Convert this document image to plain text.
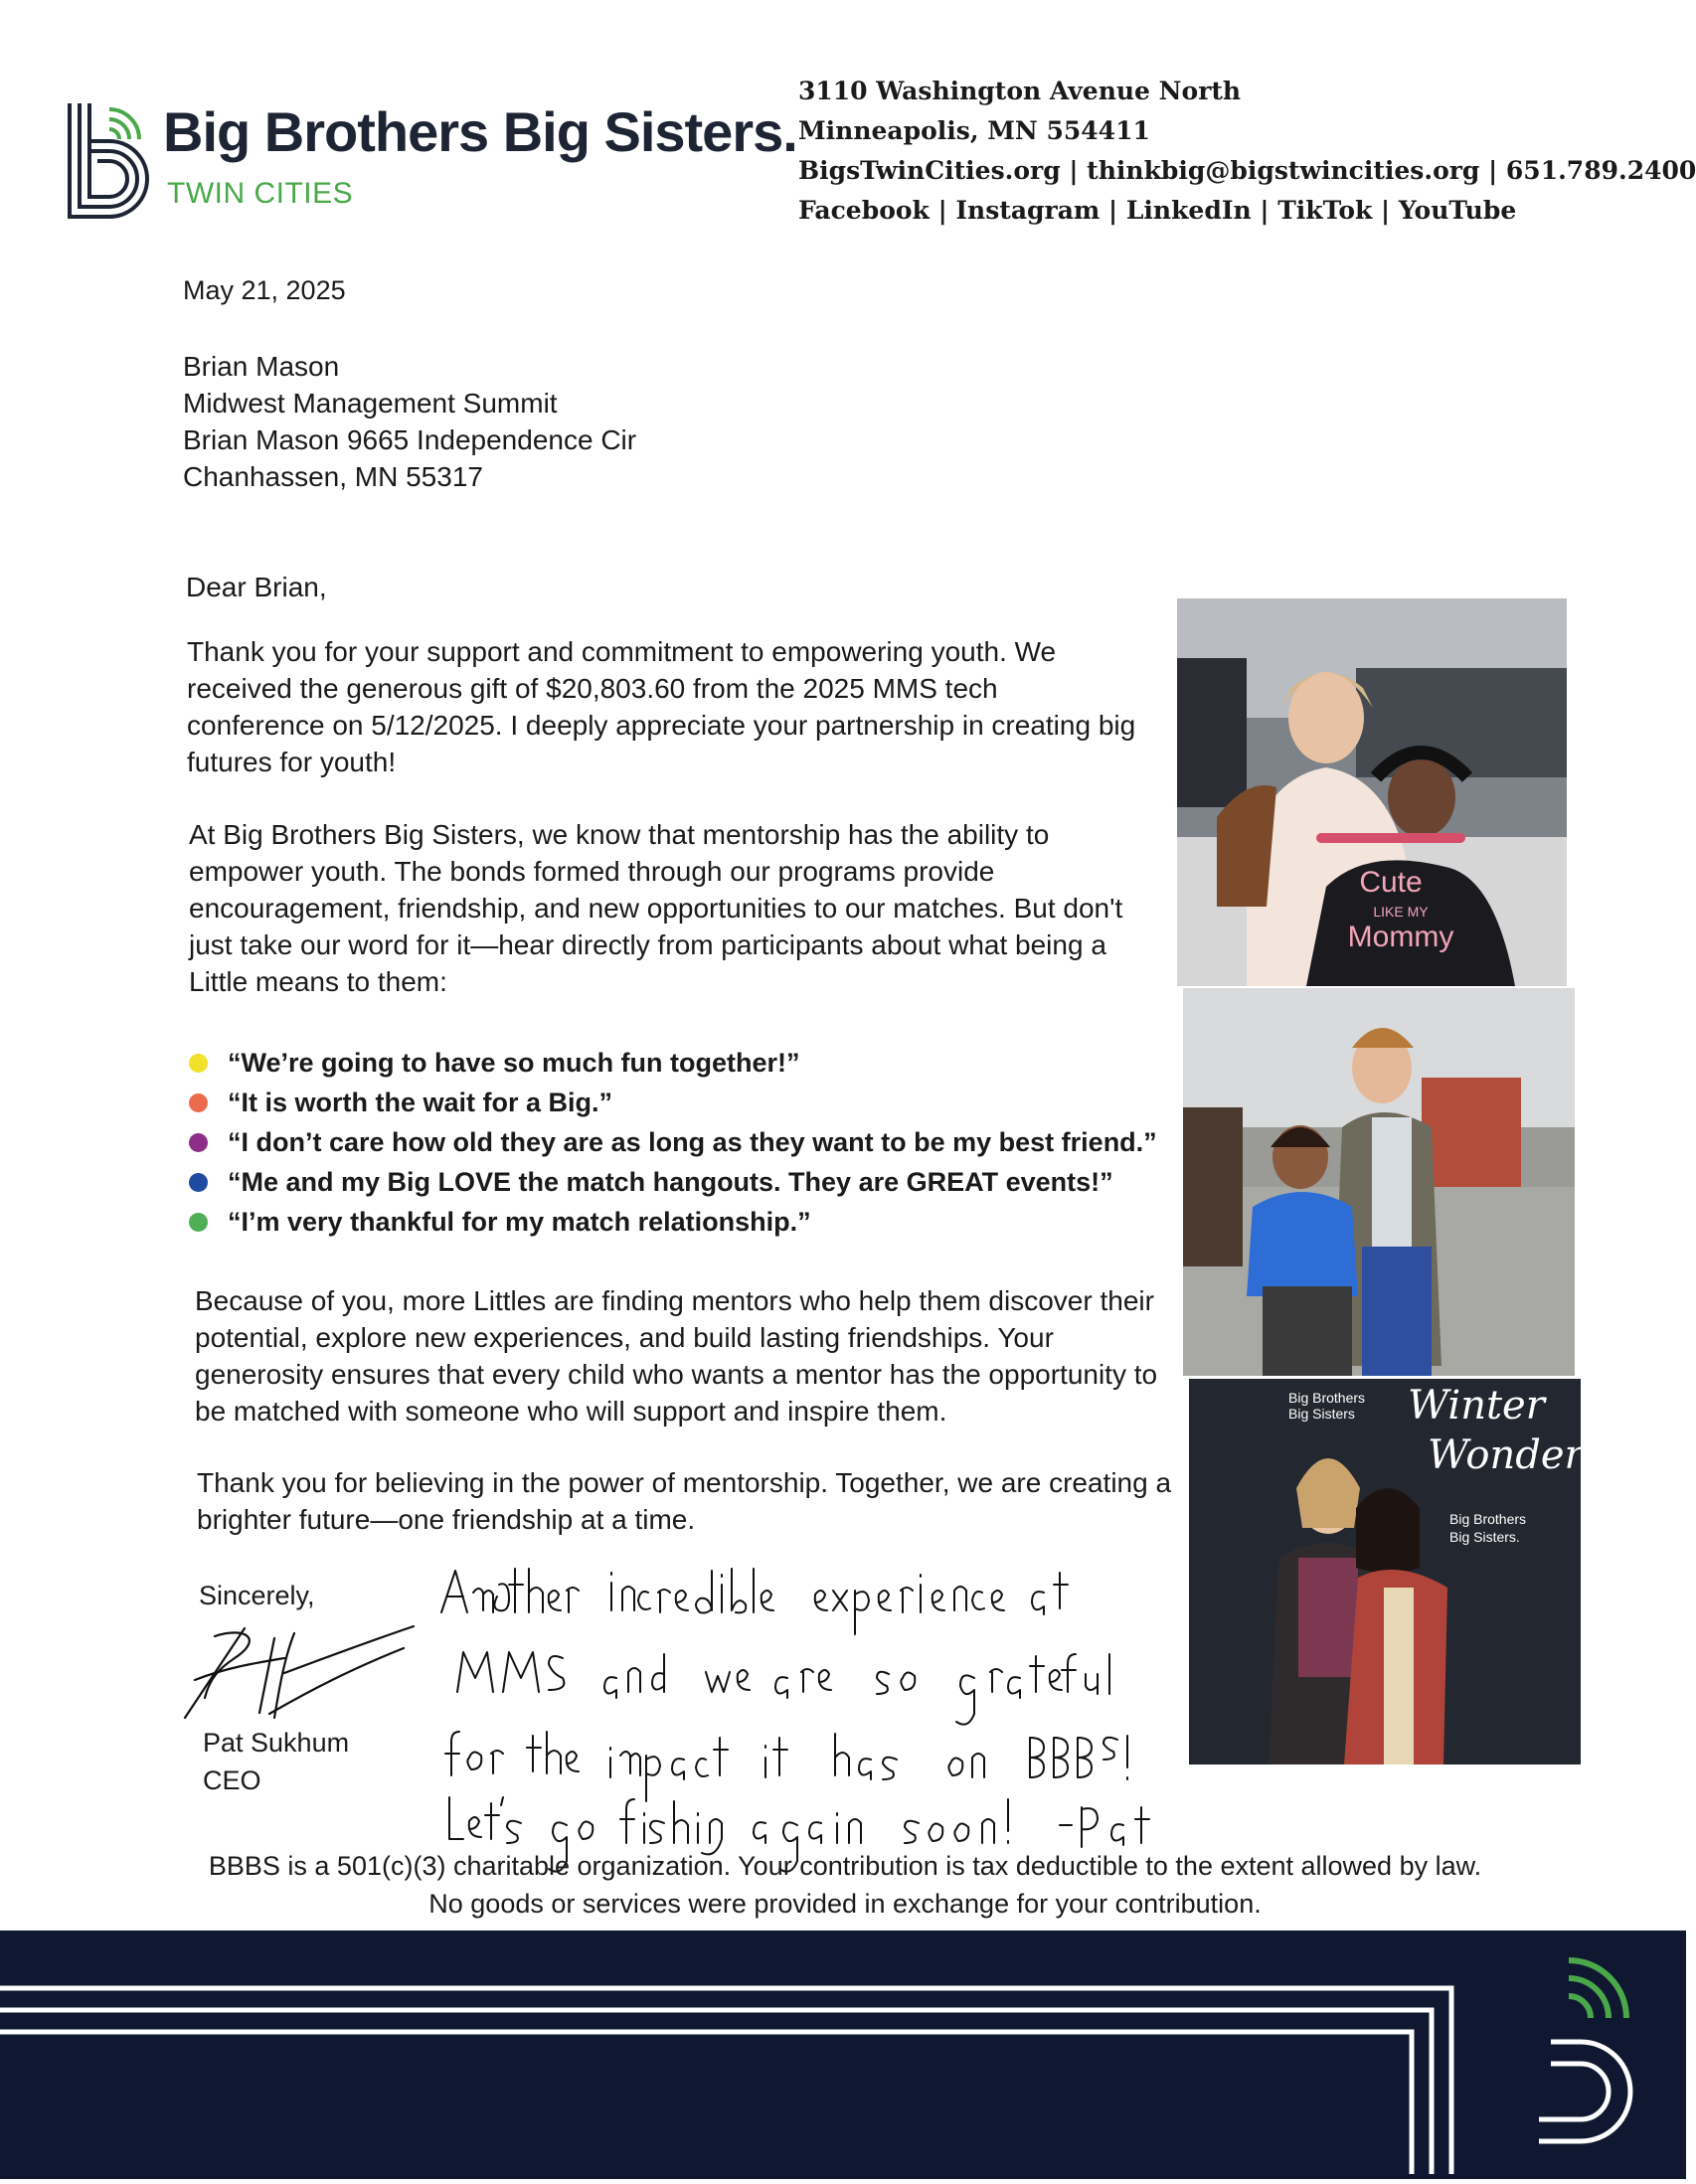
Big Brothers Big Sisters.
TWIN CITIES
3110 Washington Avenue North
Minneapolis, MN 554411
BigsTwinCities.org | thinkbig@bigstwincities.org | 651.789.2400
Facebook | Instagram | LinkedIn | TikTok | YouTube
May 21, 2025
Brian Mason
Midwest Management Summit
Brian Mason 9665 Independence Cir
Chanhassen, MN 55317
Dear Brian,
Thank you for your support and commitment to empowering youth. We received the generous gift of $20,803.60 from the 2025 MMS tech conference on 5/12/2025. I deeply appreciate your partnership in creating big futures for youth!
At Big Brothers Big Sisters, we know that mentorship has the ability to empower youth. The bonds formed through our programs provide encouragement, friendship, and new opportunities to our matches. But don't just take our word for it—hear directly from participants about what being a Little means to them:
“We’re going to have so much fun together!”
“It is worth the wait for a Big.”
“I don’t care how old they are as long as they want to be my best friend.”
“Me and my Big LOVE the match hangouts. They are GREAT events!”
“I’m very thankful for my match relationship.”
Because of you, more Littles are finding mentors who help them discover their potential, explore new experiences, and build lasting friendships. Your generosity ensures that every child who wants a mentor has the opportunity to be matched with someone who will support and inspire them.
Thank you for believing in the power of mentorship. Together, we are creating a brighter future—one friendship at a time.
Sincerely,
Pat Sukhum
CEO
BBBS is a 501(c)(3) charitable organization. Your contribution is tax deductible to the extent allowed by law. No goods or services were provided in exchange for your contribution.
Cute
LIKE MY
Mommy
Big Brothers
Big Sisters Winter
Wonderla
Big Brothers
Big Sisters.
